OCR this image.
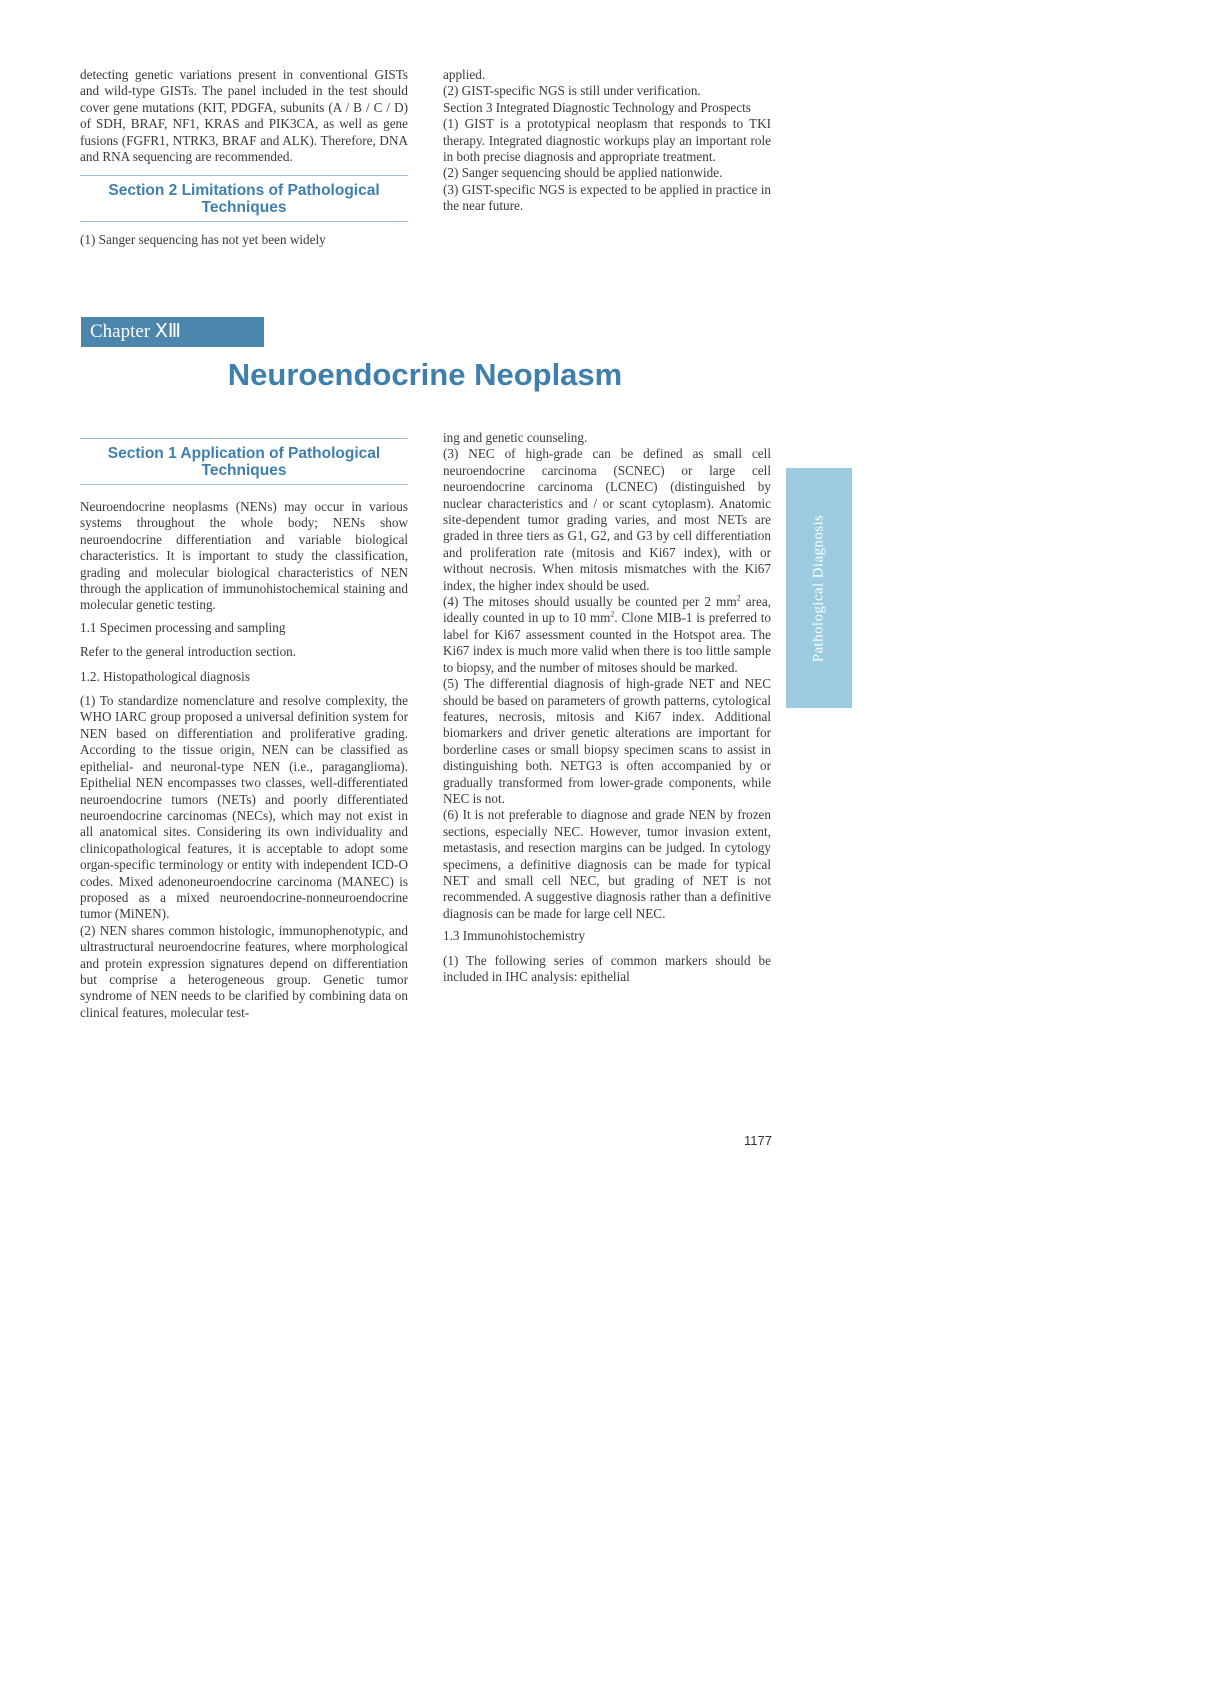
detecting genetic variations present in conventional GISTs and wild-type GISTs. The panel included in the test should cover gene mutations (KIT, PDGFA, subunits (A / B / C / D) of SDH, BRAF, NF1, KRAS and PIK3CA, as well as gene fusions (FGFR1, NTRK3, BRAF and ALK). Therefore, DNA and RNA sequencing are recommended.

Section 2 Limitations of Pathological Techniques

(1) Sanger sequencing has not yet been widely

applied.

(2) GIST-specific NGS is still under verification.

Section 3 Integrated Diagnostic Technology and Prospects

(1) GIST is a prototypical neoplasm that responds to TKI therapy. Integrated diagnostic workups play an important role in both precise diagnosis and appropriate treatment.

(2) Sanger sequencing should be applied nationwide.

(3) GIST-specific NGS is expected to be applied in practice in the near future.

Chapter ⅩⅢ
Neuroendocrine Neoplasm
Section 1 Application of Pathological Techniques

Neuroendocrine neoplasms (NENs) may occur in various systems throughout the whole body; NENs show neuroendocrine differentiation and variable biological characteristics. It is important to study the classification, grading and molecular biological characteristics of NEN through the application of immunohistochemical staining and molecular genetic testing.

1.1 Specimen processing and sampling

Refer to the general introduction section.

1.2. Histopathological diagnosis

(1) To standardize nomenclature and resolve complexity, the WHO IARC group proposed a universal definition system for NEN based on differentiation and proliferative grading. According to the tissue origin, NEN can be classified as epithelial- and neuronal-type NEN (i.e., paraganglioma). Epithelial NEN encompasses two classes, well-differentiated neuroendocrine tumors (NETs) and poorly differentiated neuroendocrine carcinomas (NECs), which may not exist in all anatomical sites. Considering its own individuality and clinicopathological features, it is acceptable to adopt some organ-specific terminology or entity with independent ICD-O codes. Mixed adenoneuroendocrine carcinoma (MANEC) is proposed as a mixed neuroendocrine-nonneuroendocrine tumor (MiNEN).

(2) NEN shares common histologic, immunophenotypic, and ultrastructural neuroendocrine features, where morphological and protein expression signatures depend on differentiation but comprise a heterogeneous group. Genetic tumor syndrome of NEN needs to be clarified by combining data on clinical features, molecular test-

ing and genetic counseling.

(3) NEC of high-grade can be defined as small cell neuroendocrine carcinoma (SCNEC) or large cell neuroendocrine carcinoma (LCNEC) (distinguished by nuclear characteristics and / or scant cytoplasm). Anatomic site-dependent tumor grading varies, and most NETs are graded in three tiers as G1, G2, and G3 by cell differentiation and proliferation rate (mitosis and Ki67 index), with or without necrosis. When mitosis mismatches with the Ki67 index, the higher index should be used.

(4) The mitoses should usually be counted per 2 $mm^2$ area, ideally counted in up to 10 $mm^2$. Clone MIB-1 is preferred to label for Ki67 assessment counted in the Hotspot area. The Ki67 index is much more valid when there is too little sample to biopsy, and the number of mitoses should be marked.

(5) The differential diagnosis of high-grade NET and NEC should be based on parameters of growth patterns, cytological features, necrosis, mitosis and Ki67 index. Additional biomarkers and driver genetic alterations are important for borderline cases or small biopsy specimen scans to assist in distinguishing both. NETG3 is often accompanied by or gradually transformed from lower-grade components, while NEC is not.

(6) It is not preferable to diagnose and grade NEN by frozen sections, especially NEC. However, tumor invasion extent, metastasis, and resection margins can be judged. In cytology specimens, a definitive diagnosis can be made for typical NET and small cell NEC, but grading of NET is not recommended. A suggestive diagnosis rather than a definitive diagnosis can be made for large cell NEC.

1.3 Immunohistochemistry

(1) The following series of common markers should be included in IHC analysis: epithelial

Pathological Diagnosis
1177
